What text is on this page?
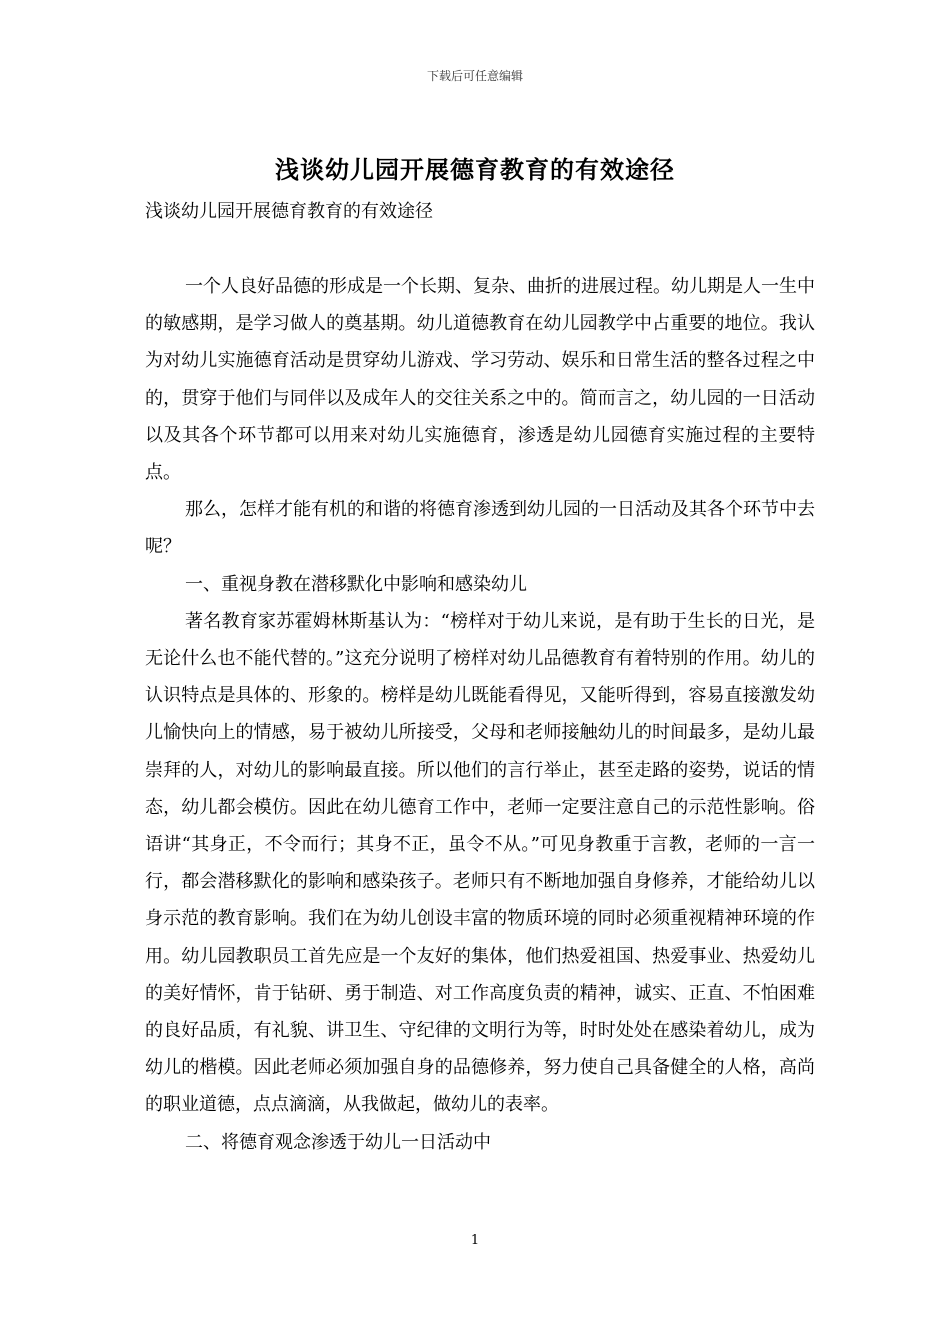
下载后可任意编辑
浅谈幼儿园开展德育教育的有效途径
浅谈幼儿园开展德育教育的有效途径

一个人良好品德的形成是一个长期、复杂、曲折的进展过程。幼儿期是人一生中的敏感期，是学习做人的奠基期。幼儿道德教育在幼儿园教学中占重要的地位。我认为对幼儿实施德育活动是贯穿幼儿游戏、学习劳动、娱乐和日常生活的整各过程之中的，贯穿于他们与同伴以及成年人的交往关系之中的。简而言之，幼儿园的一日活动以及其各个环节都可以用来对幼儿实施德育，渗透是幼儿园德育实施过程的主要特点。

那么，怎样才能有机的和谐的将德育渗透到幼儿园的一日活动及其各个环节中去呢？

一、重视身教在潜移默化中影响和感染幼儿

著名教育家苏霍姆林斯基认为：“榜样对于幼儿来说，是有助于生长的日光，是无论什么也不能代替的。”这充分说明了榜样对幼儿品德教育有着特别的作用。幼儿的认识特点是具体的、形象的。榜样是幼儿既能看得见，又能听得到，容易直接激发幼儿愉快向上的情感，易于被幼儿所接受，父母和老师接触幼儿的时间最多，是幼儿最崇拜的人，对幼儿的影响最直接。所以他们的言行举止，甚至走路的姿势，说话的情态，幼儿都会模仿。因此在幼儿德育工作中，老师一定要注意自己的示范性影响。俗语讲“其身正，不令而行；其身不正，虽令不从。”可见身教重于言教，老师的一言一行，都会潜移默化的影响和感染孩子。老师只有不断地加强自身修养，才能给幼儿以身示范的教育影响。我们在为幼儿创设丰富的物质环境的同时必须重视精神环境的作用。幼儿园教职员工首先应是一个友好的集体，他们热爱祖国、热爱事业、热爱幼儿的美好情怀，肯于钻研、勇于制造、对工作高度负责的精神，诚实、正直、不怕困难的良好品质，有礼貌、讲卫生、守纪律的文明行为等，时时处处在感染着幼儿，成为幼儿的楷模。因此老师必须加强自身的品德修养，努力使自己具备健全的人格，高尚的职业道德，点点滴滴，从我做起，做幼儿的表率。

二、将德育观念渗透于幼儿一日活动中

1
